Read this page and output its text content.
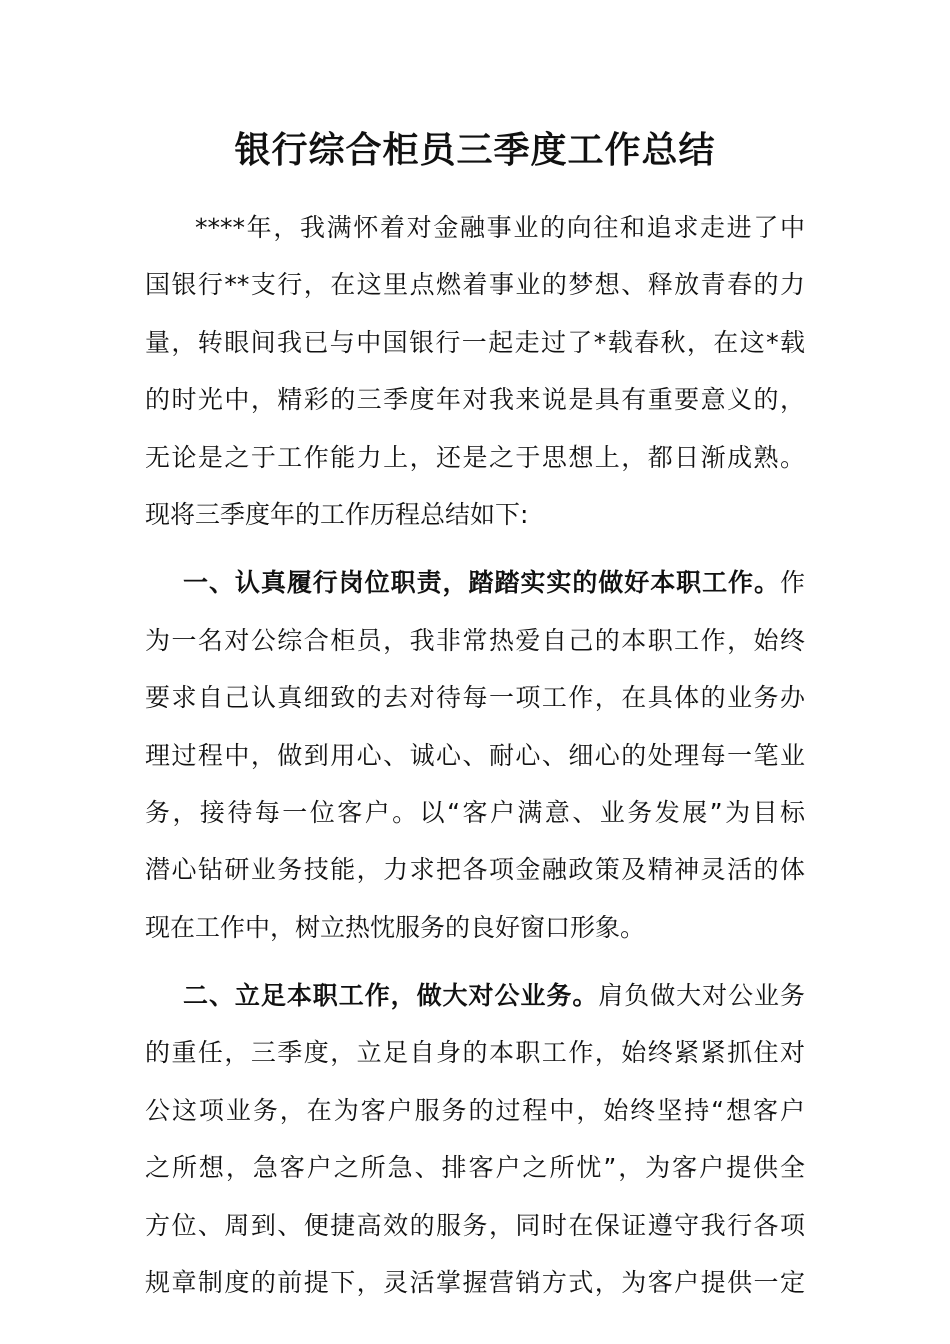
银行综合柜员三季度工作总结
****年，我满怀着对金融事业的向往和追求走进了中
国银行**支行，在这里点燃着事业的梦想、释放青春的力
量，转眼间我已与中国银行一起走过了*载春秋，在这*载
的时光中，精彩的三季度年对我来说是具有重要意义的，
无论是之于工作能力上，还是之于思想上，都日渐成熟。
现将三季度年的工作历程总结如下:
一、认真履行岗位职责，踏踏实实的做好本职工作。作
为一名对公综合柜员，我非常热爱自己的本职工作，始终
要求自己认真细致的去对待每一项工作，在具体的业务办
理过程中，做到用心、诚心、耐心、细心的处理每一笔业
务，接待每一位客户。以“客户满意、业务发展”为目标
潜心钻研业务技能，力求把各项金融政策及精神灵活的体
现在工作中，树立热忱服务的良好窗口形象。
二、立足本职工作，做大对公业务。肩负做大对公业务
的重任，三季度，立足自身的本职工作，始终紧紧抓住对
公这项业务，在为客户服务的过程中，始终坚持“想客户
之所想，急客户之所急、排客户之所忧”，为客户提供全
方位、周到、便捷高效的服务，同时在保证遵守我行各项
规章制度的前提下，灵活掌握营销方式，为客户提供一定
